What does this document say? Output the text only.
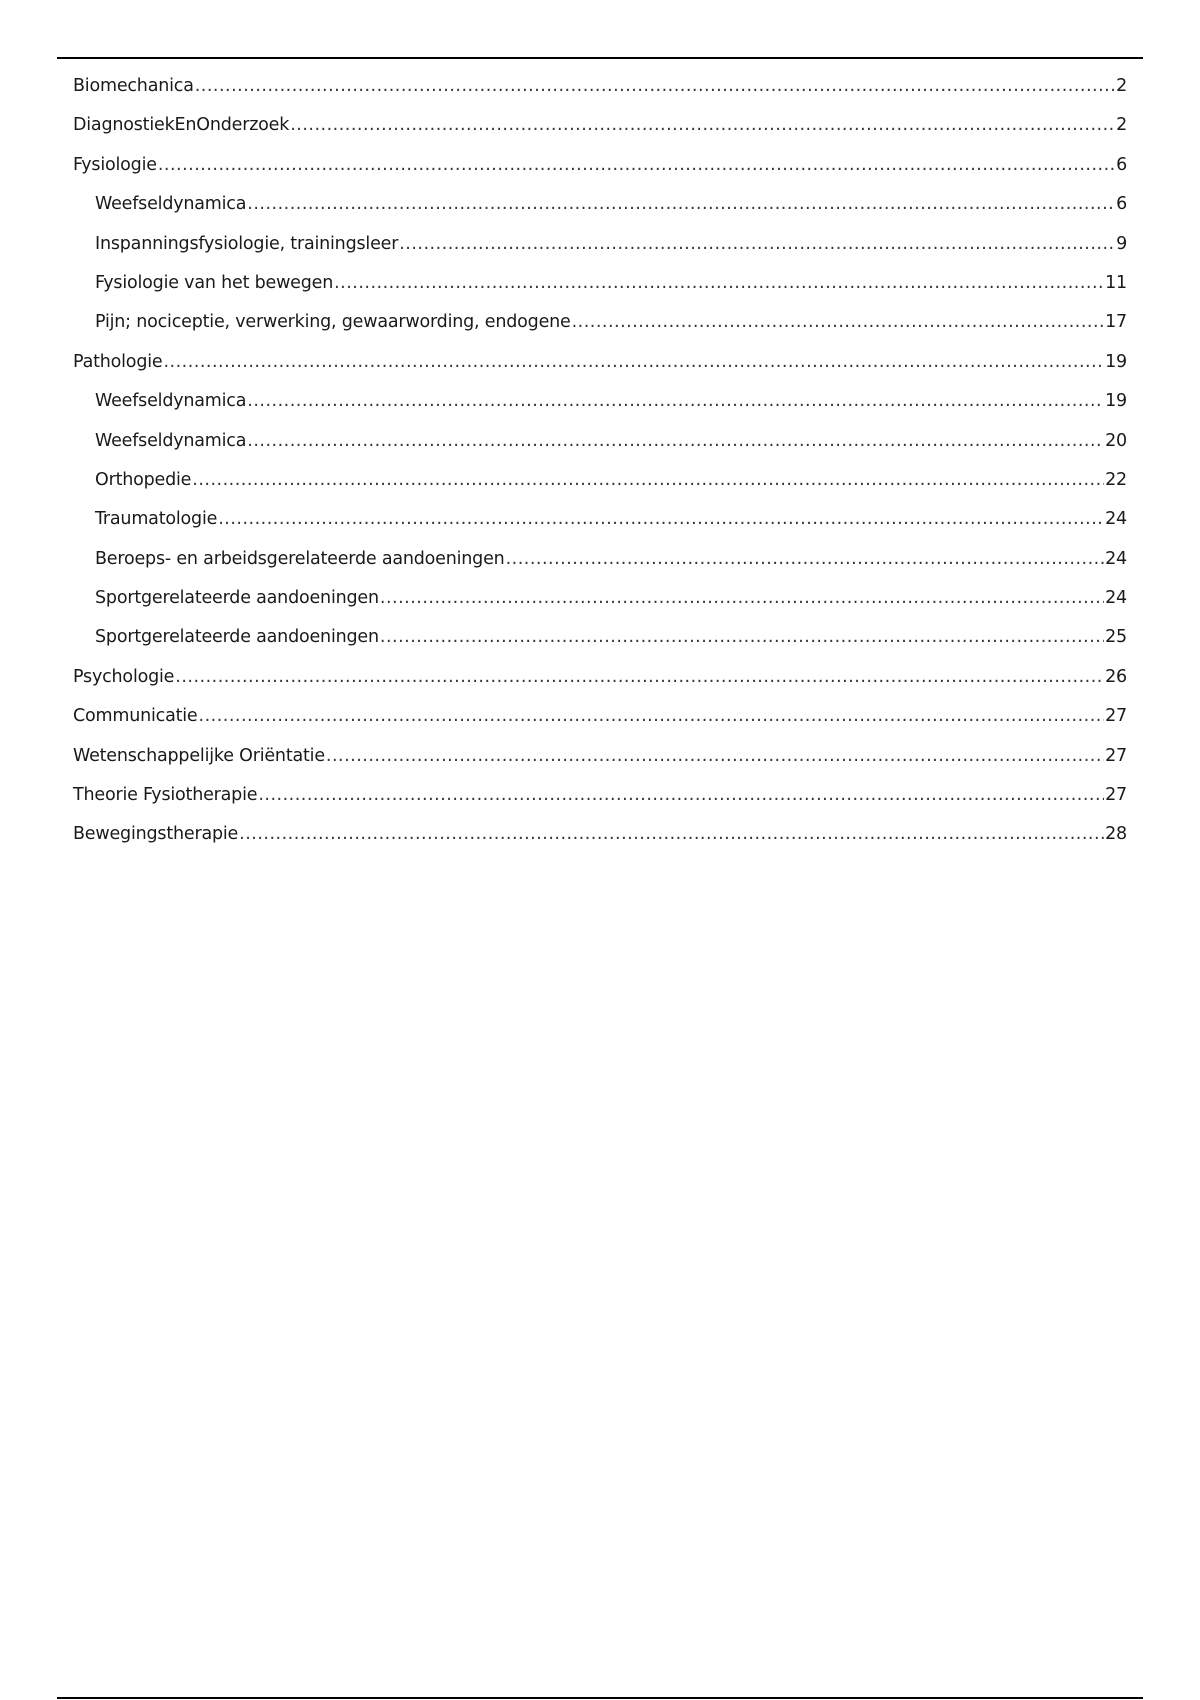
Biomechanica .....	2
DiagnostiekEnOnderzoek .....	2
Fysiologie .....	6
Weefseldynamica .....	6
Inspanningsfysiologie, trainingsleer .....	9
Fysiologie van het bewegen .....	11
Pijn; nociceptie, verwerking, gewaarwording, endogene .....	17
Pathologie .....	19
Weefseldynamica .....	19
Weefseldynamica .....	20
Orthopedie .....	22
Traumatologie .....	24
Beroeps- en arbeidsgerelateerde aandoeningen .....	24
Sportgerelateerde aandoeningen .....	24
Sportgerelateerde aandoeningen .....	25
Psychologie .....	26
Communicatie .....	27
Wetenschappelijke Oriëntatie .....	27
Theorie Fysiotherapie .....	27
Bewegingstherapie .....	28
